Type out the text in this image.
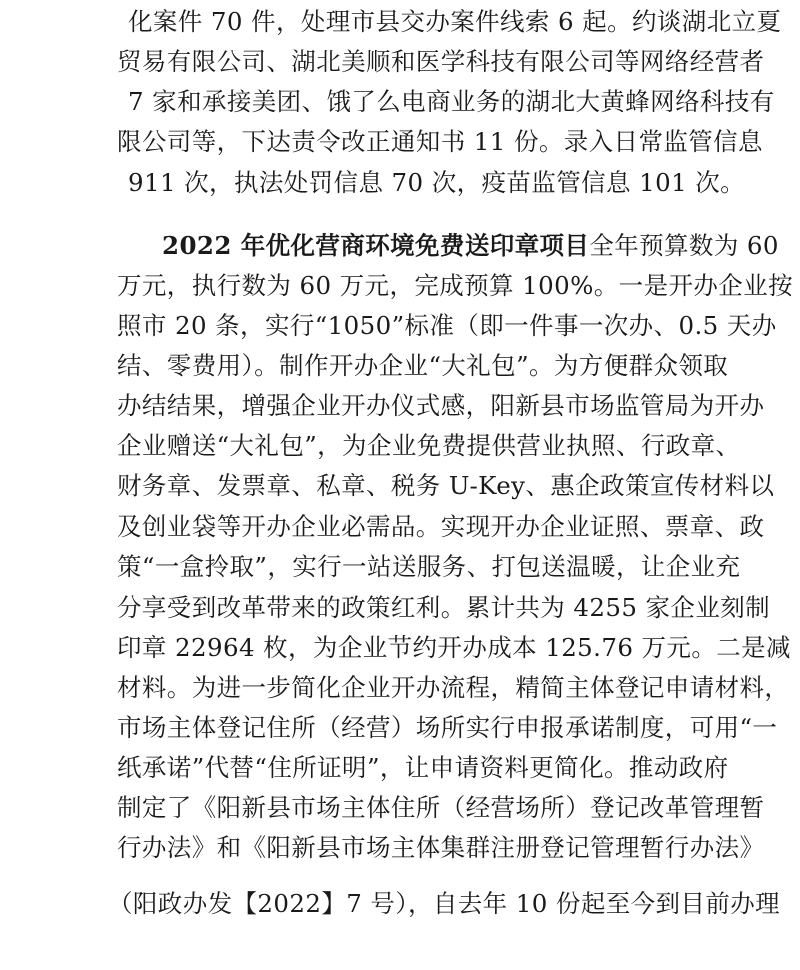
化案件 70 件，处理市县交办案件线索 6 起。约谈湖北立夏
贸易有限公司、湖北美顺和医学科技有限公司等网络经营者
7 家和承接美团、饿了么电商业务的湖北大黄蜂网络科技有
限公司等，下达责令改正通知书 11 份。录入日常监管信息
911 次，执法处罚信息 70 次，疫苗监管信息 101 次。
2022 年优化营商环境免费送印章项目全年预算数为 60
万元，执行数为 60 万元，完成预算 100%。一是开办企业按
照市 20 条，实行“1050”标准（即一件事一次办、0.5 天办
结、零费用）。制作开办企业“大礼包”。为方便群众领取
办结结果，增强企业开办仪式感，阳新县市场监管局为开办
企业赠送“大礼包”，为企业免费提供营业执照、行政章、
财务章、发票章、私章、税务 U-Key、惠企政策宣传材料以
及创业袋等开办企业必需品。实现开办企业证照、票章、政
策“一盒拎取”，实行一站送服务、打包送温暖，让企业充
分享受到改革带来的政策红利。累计共为 4255 家企业刻制
印章 22964 枚，为企业节约开办成本 125.76 万元。二是减
材料。为进一步简化企业开办流程，精简主体登记申请材料，
市场主体登记住所（经营）场所实行申报承诺制度，可用“一
纸承诺”代替“住所证明”，让申请资料更简化。推动政府
制定了《阳新县市场主体住所（经营场所）登记改革管理暂
行办法》和《阳新县市场主体集群注册登记管理暂行办法》
（阳政办发【2022】7 号），自去年 10 份起至今到目前办理
